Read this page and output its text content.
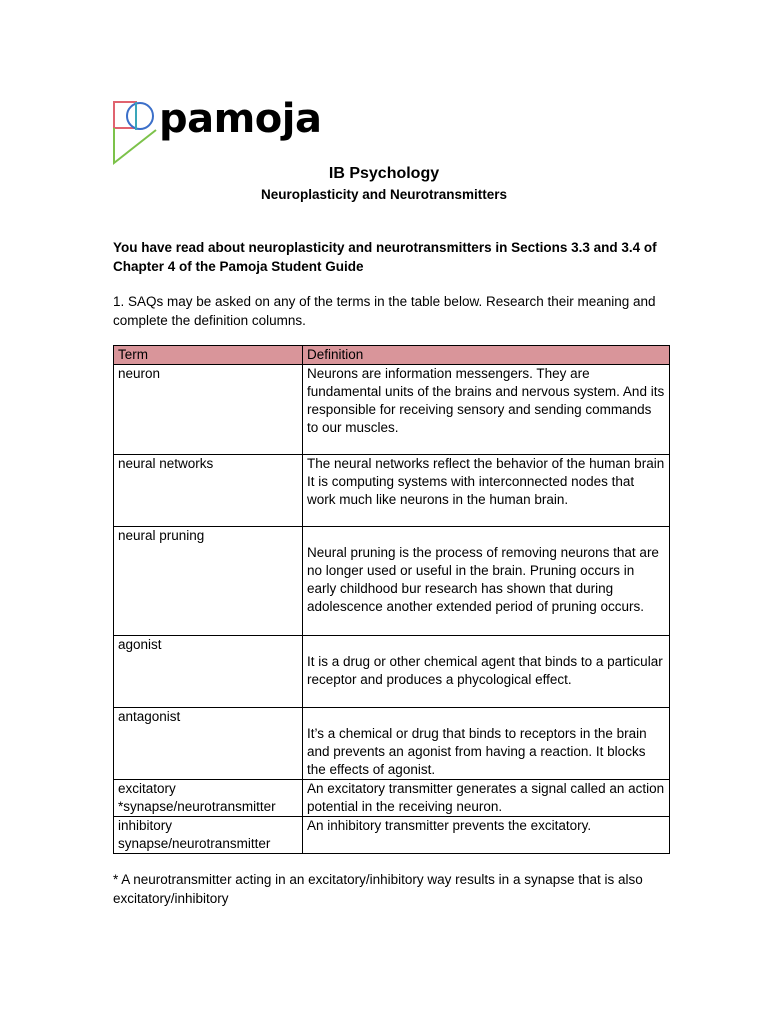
pamoja
IB Psychology
Neuroplasticity and Neurotransmitters
You have read about neuroplasticity and neurotransmitters in Sections 3.3 and 3.4 of Chapter 4 of the Pamoja Student Guide
1. SAQs may be asked on any of the terms in the table below. Research their meaning and complete the definition columns.
Term	Definition

neuron	Neurons are information messengers. They are fundamental units of the brains and nervous system. And its responsible for receiving sensory and sending commands to our muscles.

neural networks	The neural networks reflect the behavior of the human brain
It is computing systems with interconnected nodes that work much like neurons in the human brain.

neural pruning	Neural pruning is the process of removing neurons that are no longer used or useful in the brain. Pruning occurs in early childhood bur research has shown that during adolescence another extended period of pruning occurs.

agonist	It is a drug or other chemical agent that binds to a particular receptor and produces a phycological effect.

antagonist	It’s a chemical or drug that binds to receptors in the brain and prevents an agonist from having a reaction. It blocks the effects of agonist.

excitatory
*synapse/neurotransmitter	An excitatory transmitter generates a signal called an action potential in the receiving neuron.

inhibitory
synapse/neurotransmitter	An inhibitory transmitter prevents the excitatory.
* A neurotransmitter acting in an excitatory/inhibitory way results in a synapse that is also excitatory/inhibitory
